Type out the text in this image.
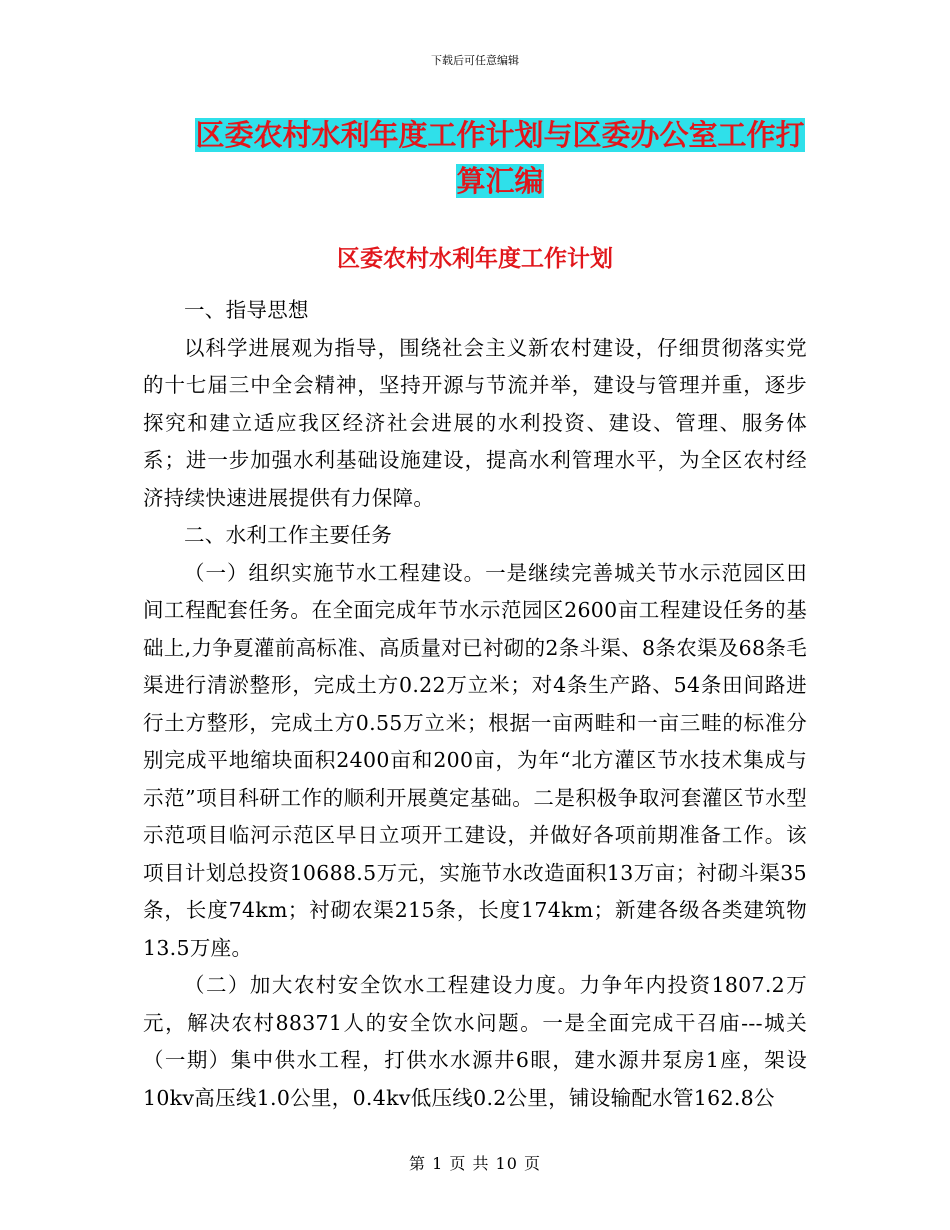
下载后可任意编辑
区委农村水利年度工作计划与区委办公室工作打算汇编
区委农村水利年度工作计划

一、指导思想

以科学进展观为指导，围绕社会主义新农村建设，仔细贯彻落实党的十七届三中全会精神，坚持开源与节流并举，建设与管理并重，逐步探究和建立适应我区经济社会进展的水利投资、建设、管理、服务体系；进一步加强水利基础设施建设，提高水利管理水平，为全区农村经济持续快速进展提供有力保障。

二、水利工作主要任务

（一）组织实施节水工程建设。一是继续完善城关节水示范园区田间工程配套任务。在全面完成年节水示范园区2600亩工程建设任务的基础上,力争夏灌前高标准、高质量对已衬砌的2条斗渠、8条农渠及68条毛渠进行清淤整形，完成土方0.22万立米；对4条生产路、54条田间路进行土方整形，完成土方0.55万立米；根据一亩两畦和一亩三畦的标准分别完成平地缩块面积2400亩和200亩，为年“北方灌区节水技术集成与示范”项目科研工作的顺利开展奠定基础。二是积极争取河套灌区节水型示范项目临河示范区早日立项开工建设，并做好各项前期准备工作。该项目计划总投资10688.5万元，实施节水改造面积13万亩；衬砌斗渠35条，长度74km；衬砌农渠215条，长度174km；新建各级各类建筑物13.5万座。

（二）加大农村安全饮水工程建设力度。力争年内投资1807.2万元，解决农村88371人的安全饮水问题。一是全面完成干召庙---城关（一期）集中供水工程，打供水水源井6眼，建水源井泵房1座，架设10kv高压线1.0公里，0.4kv低压线0.2公里，铺设输配水管162.8公

第 1 页 共 10 页
